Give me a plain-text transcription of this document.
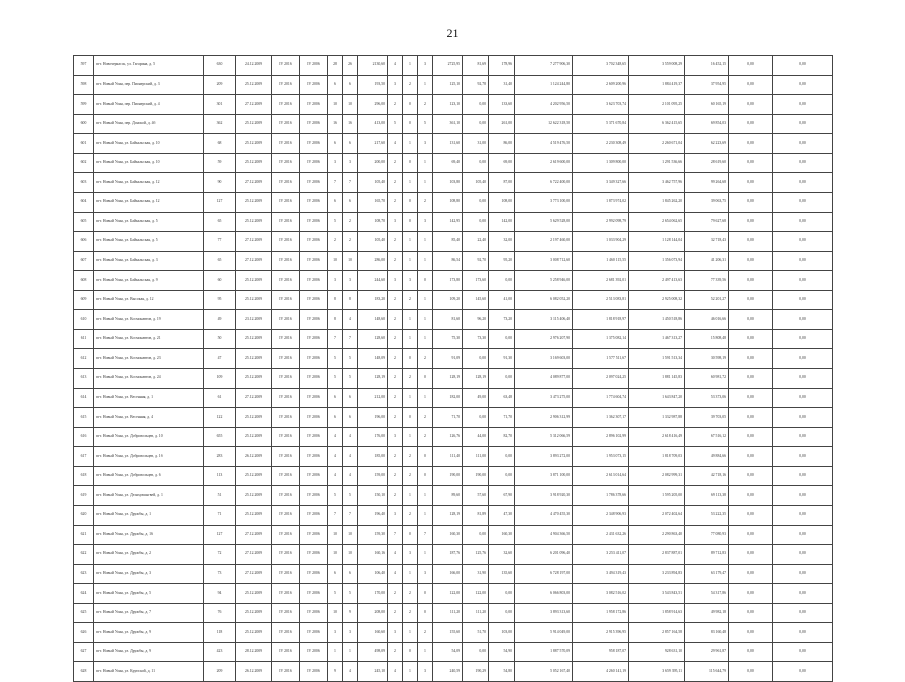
21
597	пгт. Новочеркасск, ул. Гагарина, д. 5	630	24.12.2009	IV 2016	IV 2006	28	26	2130,60	4	1	3	2725,95	81,69	178,96	7 277 906,30	3 702 348,65	3 559 008,29	16 452,15	0,00	0,00
598	пгт. Новый Уоян, пер. Пионерский, д. 3	209	25.12.2009	IV 2016	IV 2006	6	6	193,50	3	2	1	125,10	92,78	31,40	1 124 244,80	2 609 200,96	1 884 419,37	37 954,95	0,00	0,00
599	пгт. Новый Уоян, пер. Пионерский, д. 4	301	27.12.2009	IV 2016	IV 2006	10	10	296,00	2	0	2	123,10	0,00	133,60	4 202 956,50	3 623 703,74	2 101 095,25	60 165,19	0,00	0,00
600	пгт. Новый Уоян, пер. Донской, д. 4б	362	25.12.2009	IV 2016	IV 2006	16	16	413,00	5	0	5	361,10	0,00	261,00	12 622 318,50	5 371 670,84	6 362 415,65	69 854,03	0,00	0,00
601	пгт. Новый Уоян, ул. Байкальская, д. 10	68	25.12.2009	IV 2016	IV 2006	6	6	217,60	4	1	3	131,60	31,00	86,00	4 519 476,50	2 230 308,49	2 260 671,04	62 223,69	0,00	0,00
602	пгт. Новый Уоян, ул. Байкальская, д. 10	59	25.12.2009	IV 2016	IV 2006	3	3	200,00	2	0	1	69,40	0,00	69,00	2 619 600,00	1 309 800,00	1 291 536,66	28 619,60	0,00	0,00
603	пгт. Новый Уоян, ул. Байкальская, д. 12	90	27.12.2009	IV 2016	IV 2006	7	7	105,40	2	1	1	103,80	105,40	87,00	6 722 400,00	3 349 327,66	3 462 757,96	99 264,68	0,00	0,00
604	пгт. Новый Уоян, ул. Байкальская, д. 12	127	25.12.2009	IV 2016	IV 2006	6	6	165,70	2	0	2	108,80	0,00	108,00	3 773 100,00	1 873 974,02	1 845 262,20	39 063,75	0,00	0,00
605	пгт. Новый Уоян, ул. Байкальская, д. 5	65	25.12.2009	IV 2016	IV 2006	5	2	108,70	3	0	3	142,95	0,00	142,00	5 629 528,00	2 992 098,79	2 654 062,65	79 627,68	0,00	0,00
606	пгт. Новый Уоян, ул. Байкальская, д. 5	77	27.12.2009	IV 2016	IV 2006	2	2	105,40	2	1	1	85,40	22,40	32,00	2 197 460,00	1 033 904,29	1 128 144,04	32 718,43	0,00	0,00
607	пгт. Новый Уоян, ул. Байкальская, д. 3	65	27.12.2009	IV 2016	IV 2006	10	10	286,00	2	1	1	86,54	92,70	95,20	3 008 712,60	1 460 115,55	1 356 073,94	41 206,31	0,00	0,00
608	пгт. Новый Уоян, ул. Байкальская, д. 9	60	25.12.2009	IV 2016	IV 2006	3	3	244,60	3	3	0	173,80	173,60	0,00	5 258 946,00	2 681 392,01	2 497 413,63	77 339,56	0,00	0,00
609	пгт. Новый Уоян, ул. Высокая, д. 12	95	25.12.2009	IV 2016	IV 2006	8	8	183,20	2	2	1	109,20	145,60	41,00	6 082 052,20	2 513 083,81	2 925 008,32	52 201,27	0,00	0,00
610	пгт. Новый Уоян, ул. Космонавтов, д. 19	49	23.12.2009	IV 2016	IV 2006	8	4	148,60	2	1	1	81,60	96,20	73,20	3 115 406,40	1 818 918,97	1 450 518,86	46 016,66	0,00	0,00
611	пгт. Новый Уоян, ул. Космонавтов, д. 21	50	25.12.2009	IV 2016	IV 2006	7	7	128,60	2	1	1	75,30	73,30	0,00	2 976 207,90	1 375 082,14	1 467 313,27	15 808,48	0,00	0,00
612	пгт. Новый Уоян, ул. Космонавтов, д. 23	47	25.12.2009	IV 2016	IV 2006	5	5	148,09	2	0	2	91,09	0,00	91,30	3 169 603,00	1 577 511,67	1 591 513,34	30 598,19	0,00	0,00
613	пгт. Новый Уоян, ул. Космонавтов, д. 24	109	25.12.2009	IV 2016	IV 2006	5	5	128,19	2	2	0	128,19	128,19	0,00	4 089 877,00	2 097 024,25	1 881 145,83	60 981,72	0,00	0,00
614	пгт. Новый Уоян, ул. Весенняя, д. 1	61	27.12.2009	IV 2016	IV 2006	6	6	212,00	2	1	1	182,00	49,00	63,48	3 473 275,00	1 774 604,74	1 643 847,20	53 373,06	0,00	0,00
615	пгт. Новый Уоян, ул. Весенняя, д. 4	122	25.12.2009	IV 2016	IV 2006	6	6	196,00	2	0	2	71,70	0,00	71,70	2 906 312,99	1 362 307,17	1 332 987,88	39 703,05	0,00	0,00
616	пгт. Новый Уоян, ул. Добровольцев, д. 10	655	25.12.2009	IV 2016	IV 2006	4	4	176,00	3	1	2	126,76	44,00	82,70	5 312 066,59	2 896 102,99	2 618 416,49	67 516,12	0,00	0,00
617	пгт. Новый Уоян, ул. Добровольцев, д. 1б	283	26.12.2009	IV 2016	IV 2006	4	4	185,00	2	2	0	111,40	111,00	0,00	3 893 272,00	1 953 073,15	1 818 709,03	49 884,66	0,00	0,00
618	пгт. Новый Уоян, ул. Добровольцев, д. 6	113	25.12.2009	IV 2016	IV 2006	4	4	159,00	2	2	0	190,00	190,00	0,00	3 871 100,00	2 613 014,64	2 082 999,31	42 718,16	0,00	0,00
619	пгт. Новый Уоян, ул. Дзэнхуашнгвей, д. 1	51	25.12.2009	IV 2016	IV 2006	5	5	150,10	2	1	1	89,60	57,60	67,90	3 918 920,30	1 786 378,66	1 595 205,00	69 113,38	0,00	0,00
620	пгт. Новый Уоян, ул. Дружбы, д. 1	71	25.12.2009	IV 2016	IV 2006	7	7	196,40	3	2	1	128,19	81,89	47,30	4 470 455,30	2 348 906,93	2 072 402,64	53 222,35	0,00	0,00
621	пгт. Новый Уоян, ул. Дружбы, д. 16	127	27.12.2009	IV 2016	IV 2006	10	10	159,30	7	0	7	160,30	0,00	160,30	4 904 366,50	2 431 632,26	2 290 863,40	77 080,93	0,00	0,00
622	пгт. Новый Уоян, ул. Дружбы, д. 2	72	27.12.2009	IV 2016	IV 2006	10	10	160,16	4	3	1	187,76	125,76	32,60	6 201 096,40	3 253 411,07	2 837 887,01	89 712,83	0,00	0,00
623	пгт. Новый Уоян, ул. Дружбы, д. 3	73	27.12.2009	IV 2016	IV 2006	6	6	106,40	4	1	3	166,00	31,90	135,60	6 728 197,00	3 494 319,43	3 233 894,83	63 179,47	0,00	0,00
624	пгт. Новый Уоян, ул. Дружбы, д. 5	94	25.12.2009	IV 2016	IV 2006	5	5	170,00	2	2	0	122,00	122,00	0,00	6 066 803,00	3 082 516,02	3 543 843,51	54 317,86	0,00	0,00
625	пгт. Новый Уоян, ул. Дружбы, д. 7	76	25.12.2009	IV 2016	IV 2006	10	9	208,00	2	2	0	111,20	111,20	0,00	3 893 313,60	1 958 172,86	1 858 914,63	49 982,18	0,00	0,00
626	пгт. Новый Уоян, ул. Дружбы, д. 9	118	25.12.2009	IV 2016	IV 2006	3	3	160,60	3	1	2	155,60	51,70	103,00	5 914 049,00	2 915 396,95	2 857 164,58	83 160,48	0,00	0,00
627	пгт. Новый Уоян, ул. Дружбы, д. 9	423	28.12.2009	IV 2016	IV 2006	1	1	498,09	2	0	1	54,09	0,00	54,90	1 887 570,09	958 187,07	928 631,10	29 961,87	0,00	0,00
628	пгт. Новый Уоян, ул. Крупской, д. 11	209	26.12.2009	IV 2016	IV 2006	9	4	245,10	4	1	3	240,59	190,29	54,80	5 052 167,40	4 260 141,19	3 659 395,11	115 644,79	0,00	0,00
